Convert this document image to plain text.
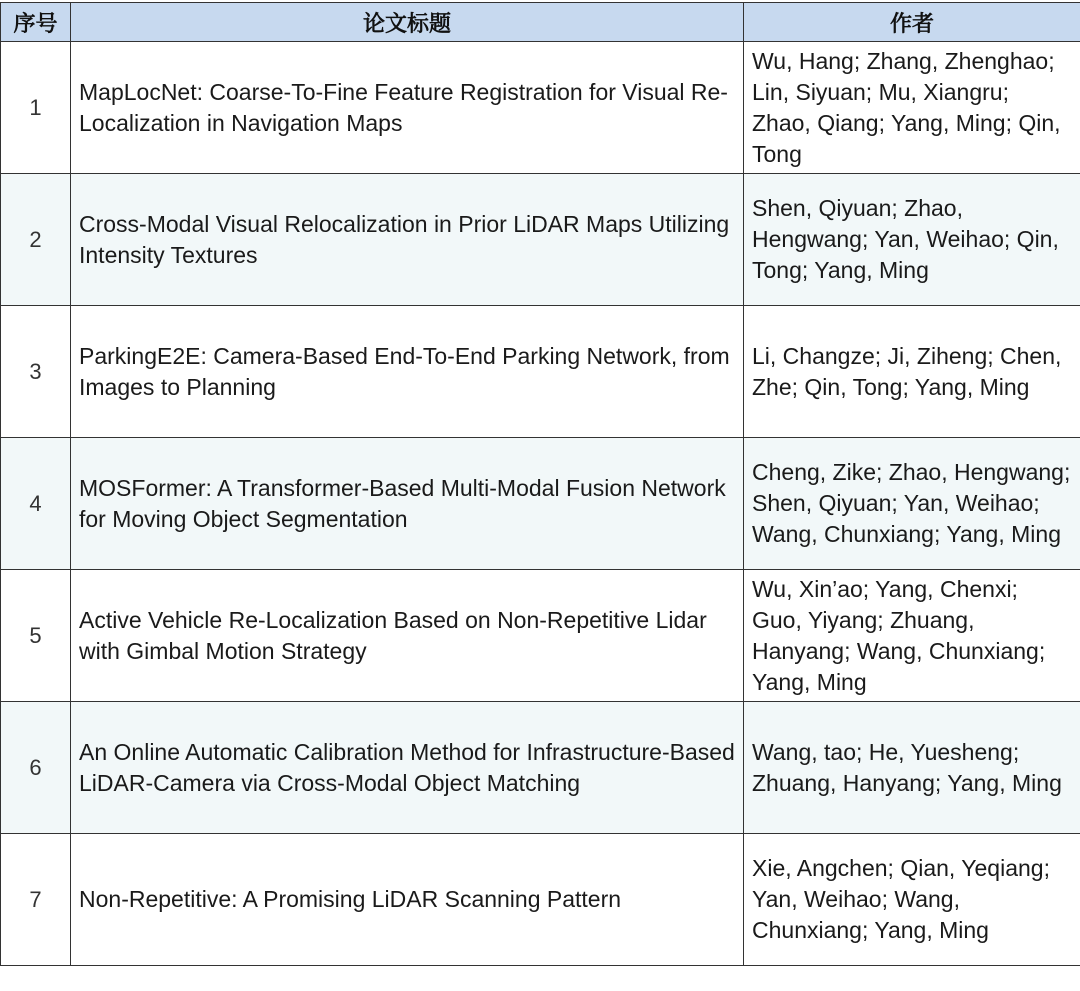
序号	论文标题	作者
1	MapLocNet: Coarse-To-Fine Feature Registration for Visual Re-Localization in Navigation Maps	Wu, Hang; Zhang, Zhenghao; Lin, Siyuan; Mu, Xiangru; Zhao, Qiang; Yang, Ming; Qin, Tong
2	Cross-Modal Visual Relocalization in Prior LiDAR Maps Utilizing Intensity Textures	Shen, Qiyuan; Zhao, Hengwang; Yan, Weihao; Qin, Tong; Yang, Ming
3	ParkingE2E: Camera-Based End-To-End Parking Network, from Images to Planning	Li, Changze; Ji, Ziheng; Chen, Zhe; Qin, Tong; Yang, Ming
4	MOSFormer: A Transformer-Based Multi-Modal Fusion Network for Moving Object Segmentation	Cheng, Zike; Zhao, Hengwang; Shen, Qiyuan; Yan, Weihao; Wang, Chunxiang; Yang, Ming
5	Active Vehicle Re-Localization Based on Non-Repetitive Lidar with Gimbal Motion Strategy	Wu, Xin’ao; Yang, Chenxi; Guo, Yiyang; Zhuang, Hanyang; Wang, Chunxiang; Yang, Ming
6	An Online Automatic Calibration Method for Infrastructure-Based LiDAR-Camera via Cross-Modal Object Matching	Wang, tao; He, Yuesheng; Zhuang, Hanyang; Yang, Ming
7	Non-Repetitive: A Promising LiDAR Scanning Pattern	Xie, Angchen; Qian, Yeqiang; Yan, Weihao; Wang, Chunxiang; Yang, Ming
